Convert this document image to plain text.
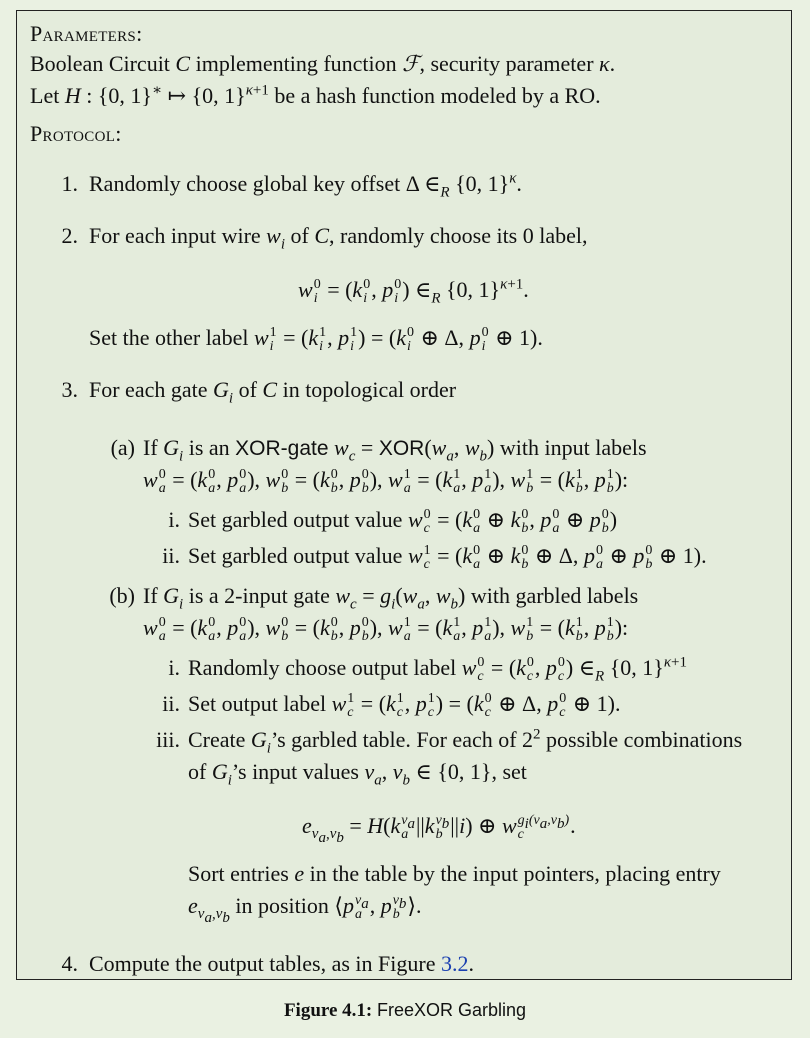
Parameters:
Boolean Circuit C implementing function ℱ, security parameter κ.
Let H : {0, 1}∗ ↦ {0, 1}$^{\kappa+1}$ be a hash function modeled by a RO.
Protocol:
1. Randomly choose global key offset Δ $\in_R$ {0, 1}$^\kappa$.
2. For each input wire $w_i$ of C, randomly choose its 0 label,
w 0
i = (k 0
i , p 0
i ) $\in_R$ {0, 1}$^{\kappa+1}$.
Set the other label w 1
i = (k 1
i , p 1
i ) = (k 0
i ⊕ Δ, p 0
i ⊕ 1).
3. For each gate $G_i$ of C in topological order
(a) If $G_i$ is an XOR-gate $w_c = XOR(w_a$, $w_b$) with input labels
w 0
a = (k 0
a , p 0
a ), w 0
b = (k 0
b , p 0
b ), w 1
a = (k 1
a , p 1
a ), w 1
b = (k 1
b , p 1
b ):
i. Set garbled output value w 0
c = (k 0
a ⊕ k 0
b , p 0
a ⊕ p 0
b )
ii. Set garbled output value w 1
c = (k 0
a ⊕ k 0
b ⊕ Δ, p 0
a ⊕ p 0
b ⊕ 1).
(b) If $G_i$ is a 2-input gate $w_c = g_i(w_a$, $w_b$) with garbled labels
w 0
a = (k 0
a , p 0
a ), w 0
b = (k 0
b , p 0
b ), w 1
a = (k 1
a , p 1
a ), w 1
b = (k 1
b , p 1
b ):
i. Randomly choose output label w 0
c = (k 0
c , p 0
c ) $\in_R$ {0, 1}$^{\kappa+1}$
ii. Set output label w 1
c = (k 1
c , p 1
c ) = (k 0
c ⊕ Δ, p 0
c ⊕ 1).
iii. Create $G_i’s$ garbled table. For each of $2^2$ possible combinations
of $G_i’s$ input values $v_a$, $v_b$ ∈ {0, 1}, set
$e_{v_a,v_b} = H(k$ $v_a$
a ||k $v_b$
b ||i) ⊕ w $g_i(v_a,v_b)$
c	.
Sort entries e in the table by the input pointers, placing entry
$e_{v_a,v_b}$ in position ⟨p $v_a$
a , p $v_b$
b ⟩.
4. Compute the output tables, as in Figure 3.2.
Figure 4.1: FreeXOR Garbling
